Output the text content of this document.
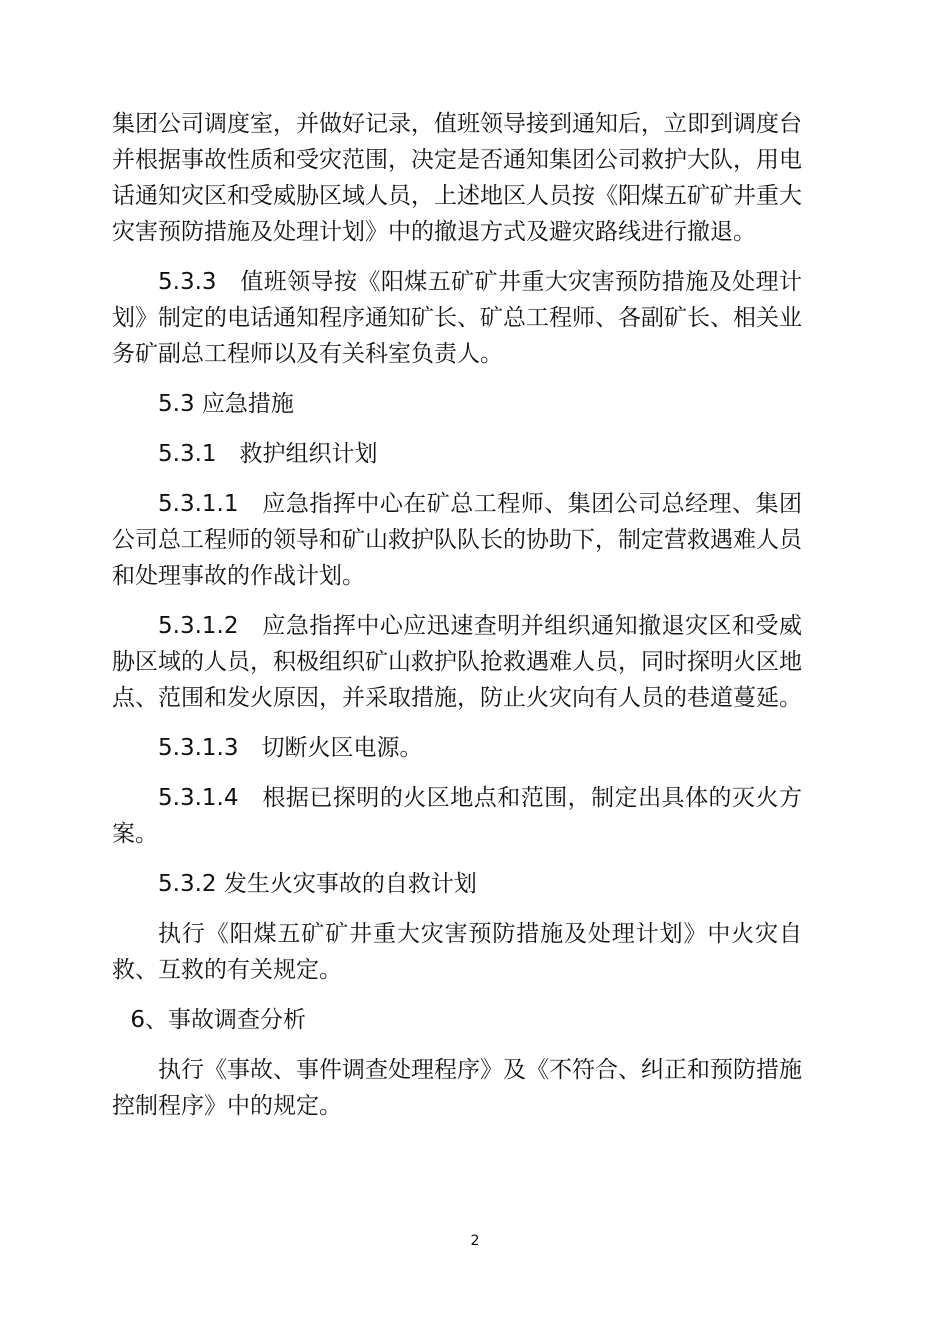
集团公司调度室，并做好记录，值班领导接到通知后，立即到调度台并根据事故性质和受灾范围，决定是否通知集团公司救护大队，用电话通知灾区和受威胁区域人员，上述地区人员按《阳煤五矿矿井重大灾害预防措施及处理计划》中的撤退方式及避灾路线进行撤退。

5.3.3　值班领导按《阳煤五矿矿井重大灾害预防措施及处理计划》制定的电话通知程序通知矿长、矿总工程师、各副矿长、相关业务矿副总工程师以及有关科室负责人。

5.3 应急措施

5.3.1　救护组织计划

5.3.1.1　应急指挥中心在矿总工程师、集团公司总经理、集团公司总工程师的领导和矿山救护队队长的协助下，制定营救遇难人员和处理事故的作战计划。

5.3.1.2　应急指挥中心应迅速查明并组织通知撤退灾区和受威胁区域的人员，积极组织矿山救护队抢救遇难人员，同时探明火区地点、范围和发火原因，并采取措施，防止火灾向有人员的巷道蔓延。

5.3.1.3　切断火区电源。

5.3.1.4　根据已探明的火区地点和范围，制定出具体的灭火方案。

5.3.2 发生火灾事故的自救计划

执行《阳煤五矿矿井重大灾害预防措施及处理计划》中火灾自救、互救的有关规定。

6、事故调查分析

执行《事故、事件调查处理程序》及《不符合、纠正和预防措施控制程序》中的规定。

2
